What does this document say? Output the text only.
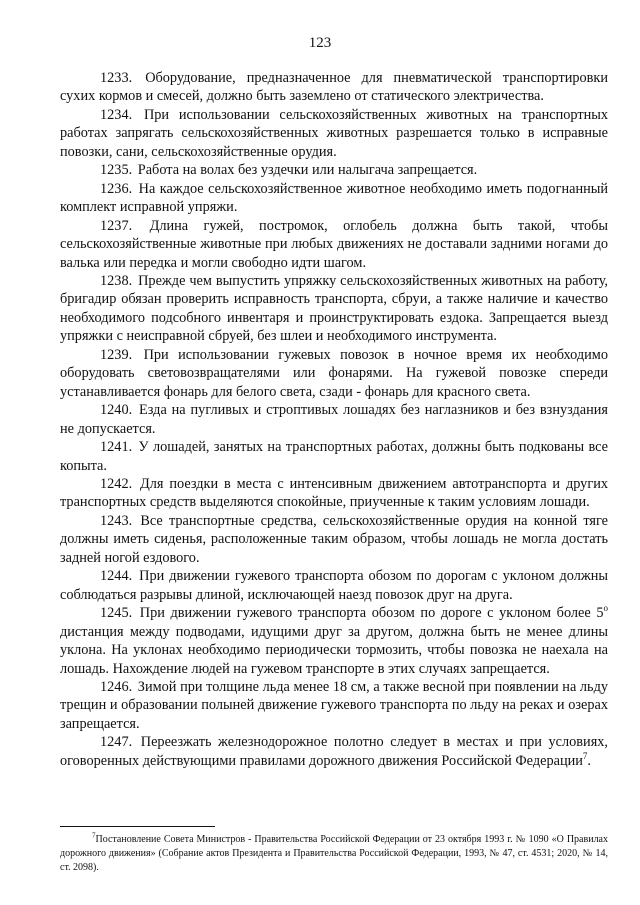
123

1233. Оборудование, предназначенное для пневматической транспортировки сухих кормов и смесей, должно быть заземлено от статического электричества.

1234. При использовании сельскохозяйственных животных на транспортных работах запрягать сельскохозяйственных животных разрешается только в исправные повозки, сани, сельскохозяйственные орудия.

1235. Работа на волах без уздечки или налыгача запрещается.

1236. На каждое сельскохозяйственное животное необходимо иметь подогнанный комплект исправной упряжи.

1237. Длина гужей, постромок, оглобель должна быть такой, чтобы сельскохозяйственные животные при любых движениях не доставали задними ногами до валька или передка и могли свободно идти шагом.

1238. Прежде чем выпустить упряжку сельскохозяйственных животных на работу, бригадир обязан проверить исправность транспорта, сбруи, а также наличие и качество необходимого подсобного инвентаря и проинструктировать ездока. Запрещается выезд упряжки с неисправной сбруей, без шлеи и необходимого инструмента.

1239. При использовании гужевых повозок в ночное время их необходимо оборудовать световозвращателями или фонарями. На гужевой повозке спереди устанавливается фонарь для белого света, сзади - фонарь для красного света.

1240. Езда на пугливых и строптивых лошадях без наглазников и без взнуздания не допускается.

1241. У лошадей, занятых на транспортных работах, должны быть подкованы все копыта.

1242. Для поездки в места с интенсивным движением автотранспорта и других транспортных средств выделяются спокойные, приученные к таким условиям лошади.

1243. Все транспортные средства, сельскохозяйственные орудия на конной тяге должны иметь сиденья, расположенные таким образом, чтобы лошадь не могла достать задней ногой ездового.

1244. При движении гужевого транспорта обозом по дорогам с уклоном должны соблюдаться разрывы длиной, исключающей наезд повозок друг на друга.

1245. При движении гужевого транспорта обозом по дороге с уклоном более $5^о$ дистанция между подводами, идущими друг за другом, должна быть не менее длины уклона. На уклонах необходимо периодически тормозить, чтобы повозка не наехала на лошадь. Нахождение людей на гужевом транспорте в этих случаях запрещается.

1246. Зимой при толщине льда менее 18 см, а также весной при появлении на льду трещин и образовании полыней движение гужевого транспорта по льду на реках и озерах запрещается.

1247. Переезжать железнодорожное полотно следует в местах и при условиях, оговоренных действующими правилами дорожного движения Российской Федерации$^7$.

$^7$Постановление Совета Министров - Правительства Российской Федерации от 23 октября 1993 г. № 1090 «О Правилах дорожного движения» (Собрание актов Президента и Правительства Российской Федерации, 1993, № 47, ст. 4531; 2020, № 14, ст. 2098).
